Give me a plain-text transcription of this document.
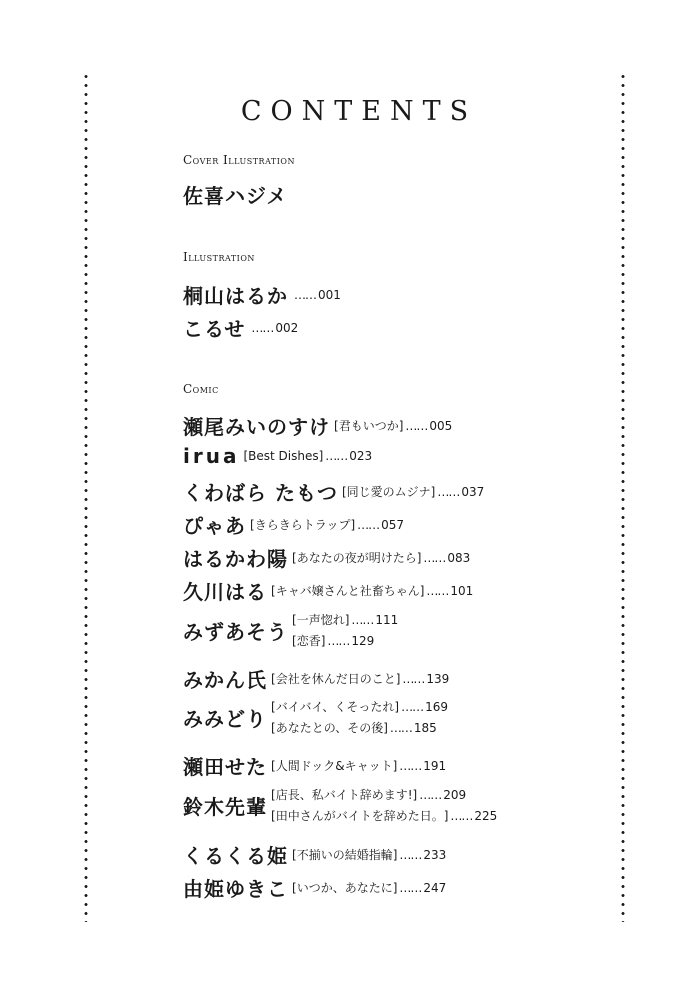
CONTENTS
Cover Illustration
佐喜ハジメ
Illustration
桐山はるか …… 001
こるせ …… 002
Comic
瀬尾みいのすけ [ 君もいつか ] …… 005
irua [ Best Dishes ] …… 023
くわばら たもつ [ 同じ愛のムジナ ] …… 037
ぴゃあ [ きらきらトラップ ] …… 057
はるかわ陽 [ あなたの夜が明けたら ] …… 083
久川はる [ キャバ嬢さんと社畜ちゃん ] …… 101
みずあそう [ 一声惚れ ] …… 111
[ 恋香 ] …… 129
みかん氏 [ 会社を休んだ日のこと ] …… 139
みみどり [ バイバイ、くそったれ ] …… 169
[ あなたとの、その後 ] …… 185
瀬田せた [ 人間ドック&キャット ] …… 191
鈴木先輩 [ 店長、私バイト辞めます! ] …… 209
[ 田中さんがバイトを辞めた日。 ] …… 225
くるくる姫 [ 不揃いの結婚指輪 ] …… 233
由姫ゆきこ [ いつか、あなたに ] …… 247
